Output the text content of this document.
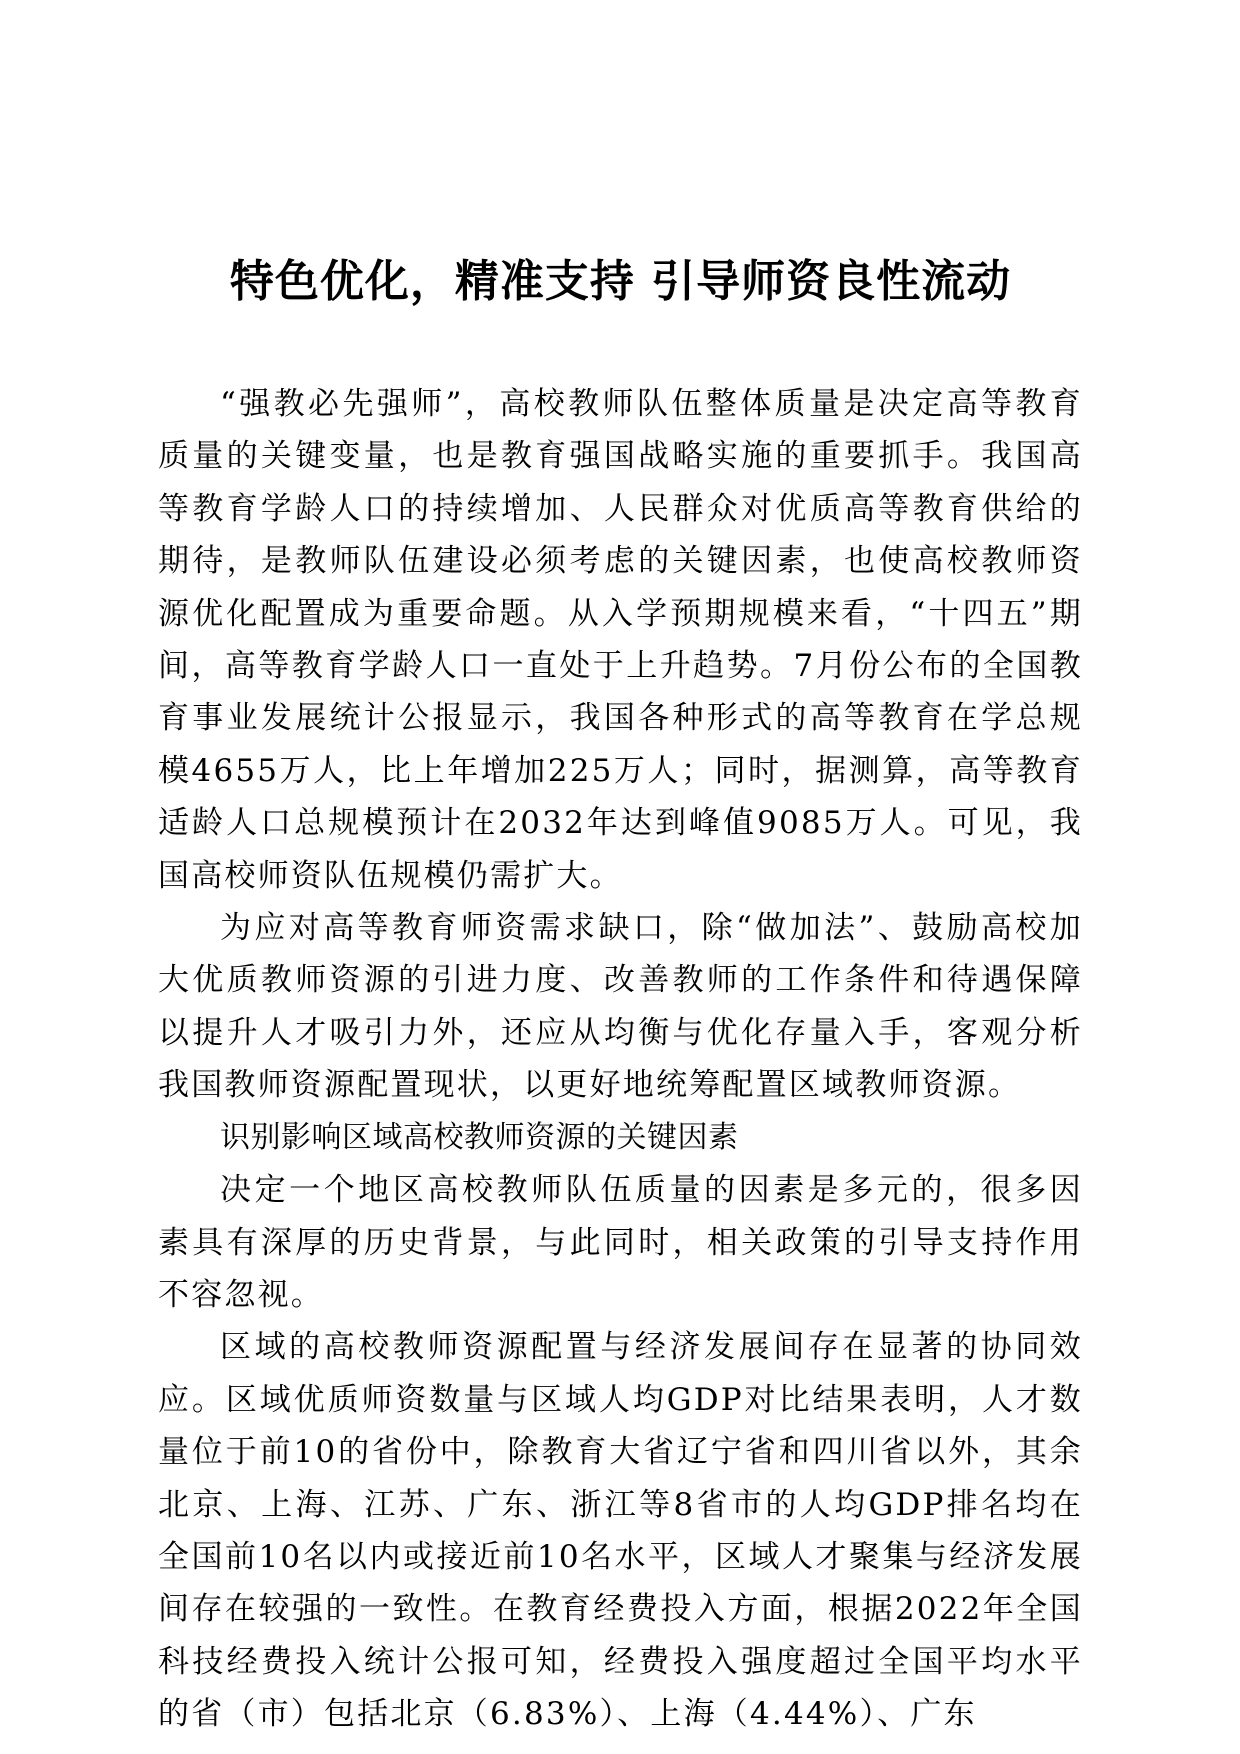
特色优化，精准支持 引导师资良性流动

“强教必先强师”，高校教师队伍整体质量是决定高等教育质量的关键变量，也是教育强国战略实施的重要抓手。我国高等教育学龄人口的持续增加、人民群众对优质高等教育供给的期待，是教师队伍建设必须考虑的关键因素，也使高校教师资源优化配置成为重要命题。从入学预期规模来看，“十四五”期间，高等教育学龄人口一直处于上升趋势。7月份公布的全国教育事业发展统计公报显示，我国各种形式的高等教育在学总规模4655万人，比上年增加225万人；同时，据测算，高等教育适龄人口总规模预计在2032年达到峰值9085万人。可见，我国高校师资队伍规模仍需扩大。

为应对高等教育师资需求缺口，除“做加法”、鼓励高校加大优质教师资源的引进力度、改善教师的工作条件和待遇保障以提升人才吸引力外，还应从均衡与优化存量入手，客观分析我国教师资源配置现状，以更好地统筹配置区域教师资源。

识别影响区域高校教师资源的关键因素

决定一个地区高校教师队伍质量的因素是多元的，很多因素具有深厚的历史背景，与此同时，相关政策的引导支持作用不容忽视。

区域的高校教师资源配置与经济发展间存在显著的协同效应。区域优质师资数量与区域人均GDP对比结果表明，人才数量位于前10的省份中，除教育大省辽宁省和四川省以外，其余北京、上海、江苏、广东、浙江等8省市的人均GDP排名均在全国前10名以内或接近前10名水平，区域人才聚集与经济发展间存在较强的一致性。在教育经费投入方面，根据2022年全国科技经费投入统计公报可知，经费投入强度超过全国平均水平的省（市）包括北京（6.83%）、上海（4.44%）、广东
